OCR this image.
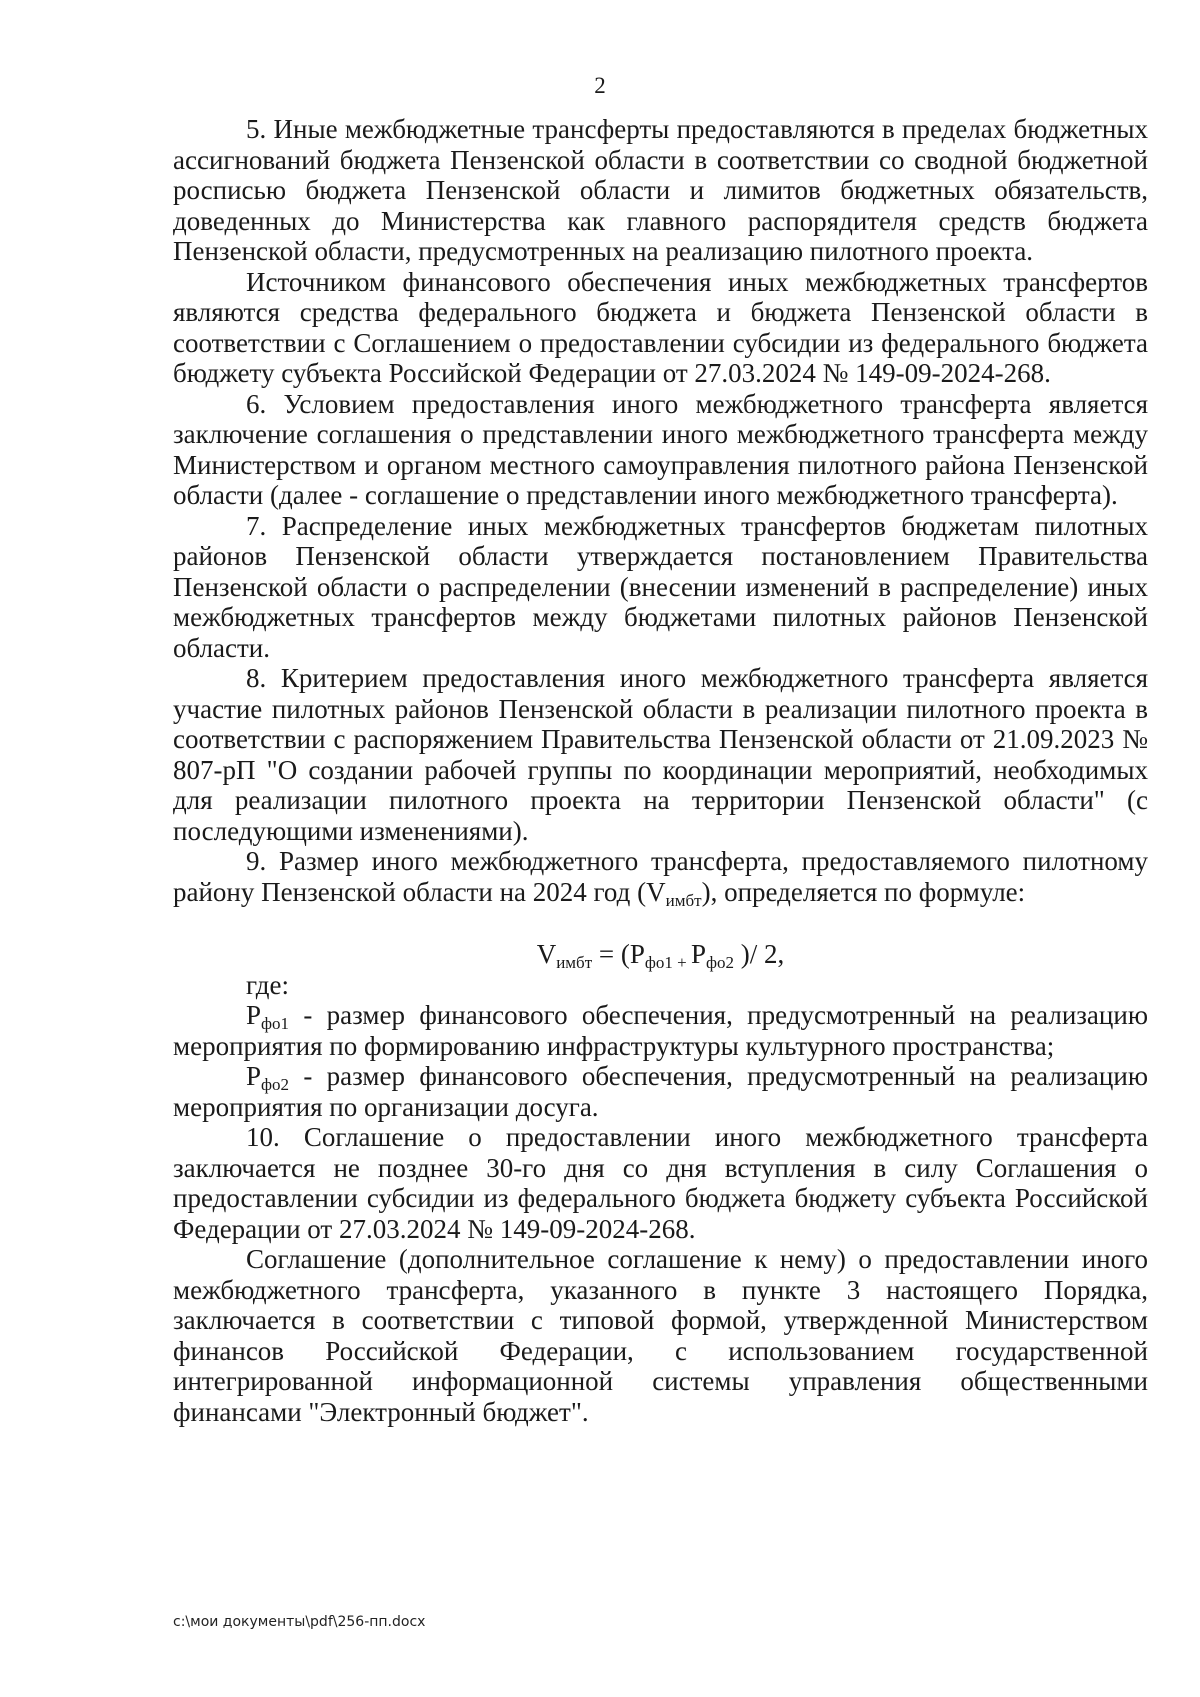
2

5. Иные межбюджетные трансферты предоставляются в пределах бюджетных ассигнований бюджета Пензенской области в соответствии со сводной бюджетной росписью бюджета Пензенской области и лимитов бюджетных обязательств, доведенных до Министерства как главного распорядителя средств бюджета Пензенской области, предусмотренных на реализацию пилотного проекта.

Источником финансового обеспечения иных межбюджетных трансфертов являются средства федерального бюджета и бюджета Пензенской области в соответствии с Соглашением о предоставлении субсидии из федерального бюджета бюджету субъекта Российской Федерации от 27.03.2024 № 149-09-2024-268.

6. Условием предоставления иного межбюджетного трансферта является заключение соглашения о представлении иного межбюджетного трансферта между Министерством и органом местного самоуправления пилотного района Пензенской области (далее - соглашение о представлении иного межбюджетного трансферта).

7. Распределение иных межбюджетных трансфертов бюджетам пилотных районов Пензенской области утверждается постановлением Правительства Пензенской области о распределении (внесении изменений в распределение) иных межбюджетных трансфертов между бюджетами пилотных районов Пензенской области.

8. Критерием предоставления иного межбюджетного трансферта является участие пилотных районов Пензенской области в реализации пилотного проекта в соответствии с распоряжением Правительства Пензенской области от 21.09.2023 № 807-рП "О создании рабочей группы по координации мероприятий, необходимых для реализации пилотного проекта на территории Пензенской области" (с последующими изменениями).

9. Размер иного межбюджетного трансферта, предоставляемого пилотному району Пензенской области на 2024 год $(V_{имбт})$, определяется по формуле:

$V_{имбт} = (P_{фо1 +}$ $P_{фо2}$ )/ 2,

где:

$P_{фо1}$ - размер финансового обеспечения, предусмотренный на реализацию мероприятия по формированию инфраструктуры культурного пространства;

$P_{фо2}$ - размер финансового обеспечения, предусмотренный на реализацию мероприятия по организации досуга.

10. Соглашение о предоставлении иного межбюджетного трансферта заключается не позднее 30-го дня со дня вступления в силу Соглашения о предоставлении субсидии из федерального бюджета бюджету субъекта Российской Федерации от 27.03.2024 № 149-09-2024-268.

Соглашение (дополнительное соглашение к нему) о предоставлении иного межбюджетного трансферта, указанного в пункте 3 настоящего Порядка, заключается в соответствии с типовой формой, утвержденной Министерством финансов Российской Федерации, с использованием государственной интегрированной информационной системы управления общественными финансами "Электронный бюджет".

c:\мои документы\pdf\256-пп.docx
